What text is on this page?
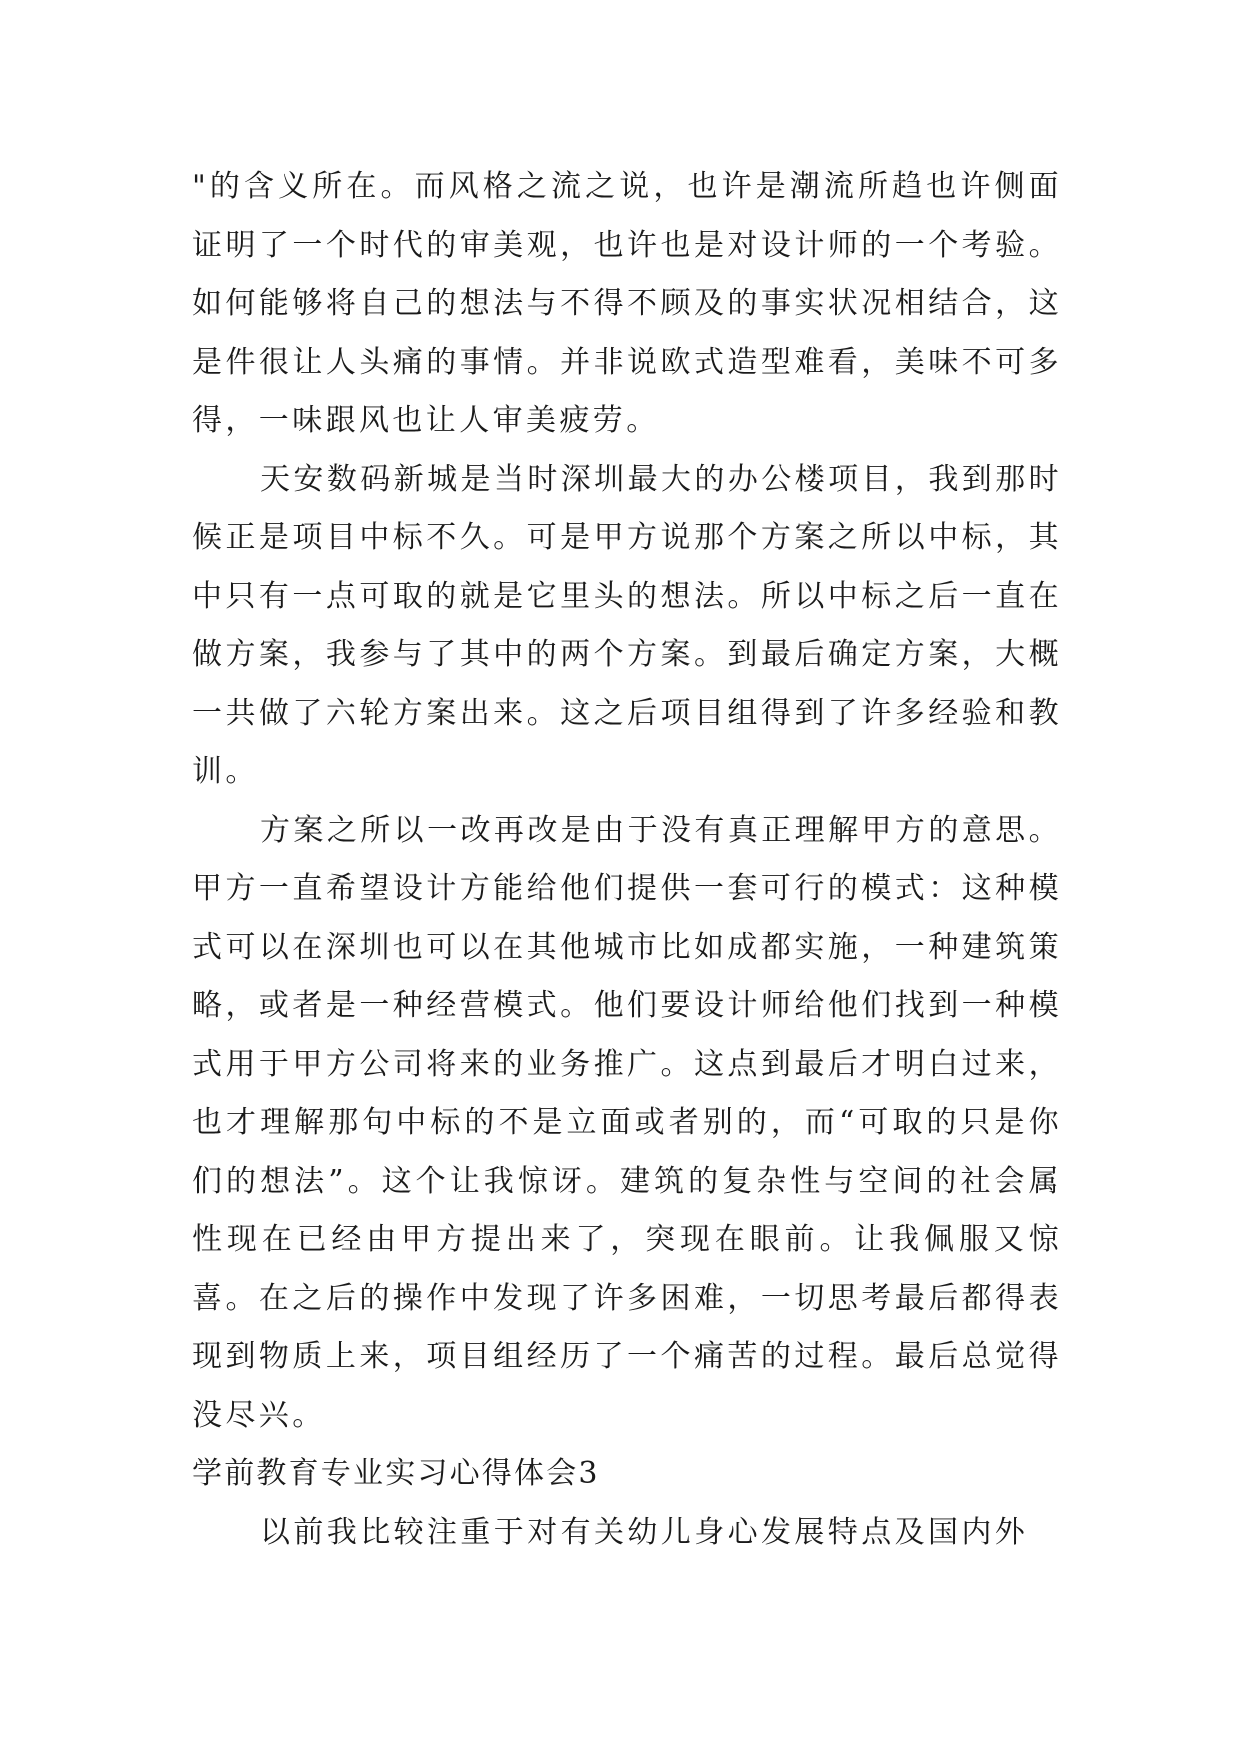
"的含义所在。而风格之流之说，也许是潮流所趋也许侧面证明了一个时代的审美观，也许也是对设计师的一个考验。如何能够将自己的想法与不得不顾及的事实状况相结合，这是件很让人头痛的事情。并非说欧式造型难看，美味不可多得，一味跟风也让人审美疲劳。

天安数码新城是当时深圳最大的办公楼项目，我到那时候正是项目中标不久。可是甲方说那个方案之所以中标，其中只有一点可取的就是它里头的想法。所以中标之后一直在做方案，我参与了其中的两个方案。到最后确定方案，大概一共做了六轮方案出来。这之后项目组得到了许多经验和教训。

方案之所以一改再改是由于没有真正理解甲方的意思。甲方一直希望设计方能给他们提供一套可行的模式：这种模式可以在深圳也可以在其他城市比如成都实施，一种建筑策略，或者是一种经营模式。他们要设计师给他们找到一种模式用于甲方公司将来的业务推广。这点到最后才明白过来，也才理解那句中标的不是立面或者别的，而“可取的只是你们的想法”。这个让我惊讶。建筑的复杂性与空间的社会属性现在已经由甲方提出来了，突现在眼前。让我佩服又惊喜。在之后的操作中发现了许多困难，一切思考最后都得表现到物质上来，项目组经历了一个痛苦的过程。最后总觉得没尽兴。

学前教育专业实习心得体会3

以前我比较注重于对有关幼儿身心发展特点及国内外
